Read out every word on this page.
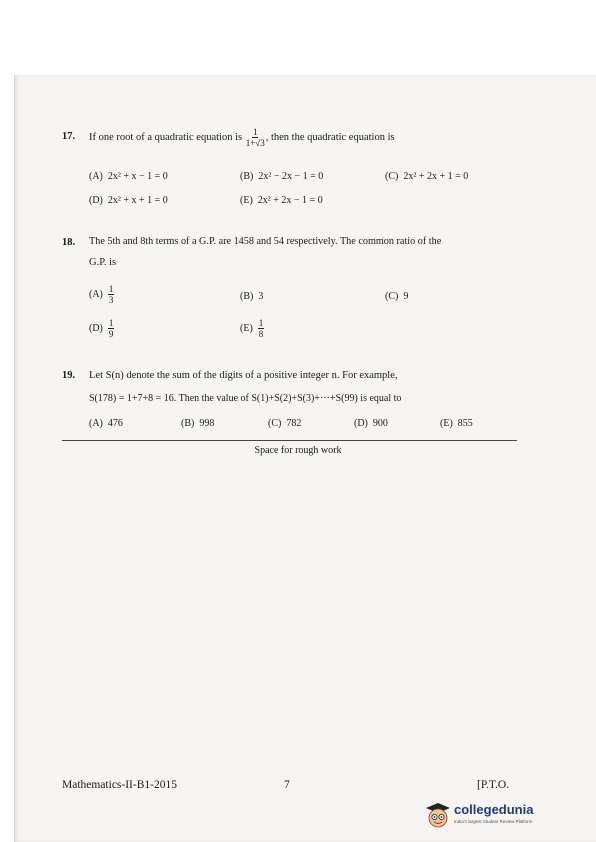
17. If one root of a quadratic equation is $\frac{1}{1+√3}$ , then the quadratic equation is
(A) 2x² + x − 1 = 0	(B) 2x² − 2x − 1 = 0	(C) 2x² + 2x + 1 = 0
(D) 2x² + x + 1 = 0	(E) 2x² + 2x − 1 = 0
18. The 5th and 8th terms of a G.P. are 1458 and 54 respectively. The common ratio of the
G.P. is
$(A) \frac{1}{3}$	(B) 3	(C) 9
$(D) \frac{1}{9}$	$(E) \frac{1}{8}$
19. Let S(n) denote the sum of the digits of a positive integer n. For example,
S(178) = 1+7+8 = 16. Then the value of S(1)+S(2)+S(3)+···+S(99) is equal to
(A) 476	(B) 998	(C) 782	(D) 900	(E) 855
Space for rough work
Mathematics-II-B1-2015	7	[P.T.O.
collegedunia
India's largest Student Review Platform
